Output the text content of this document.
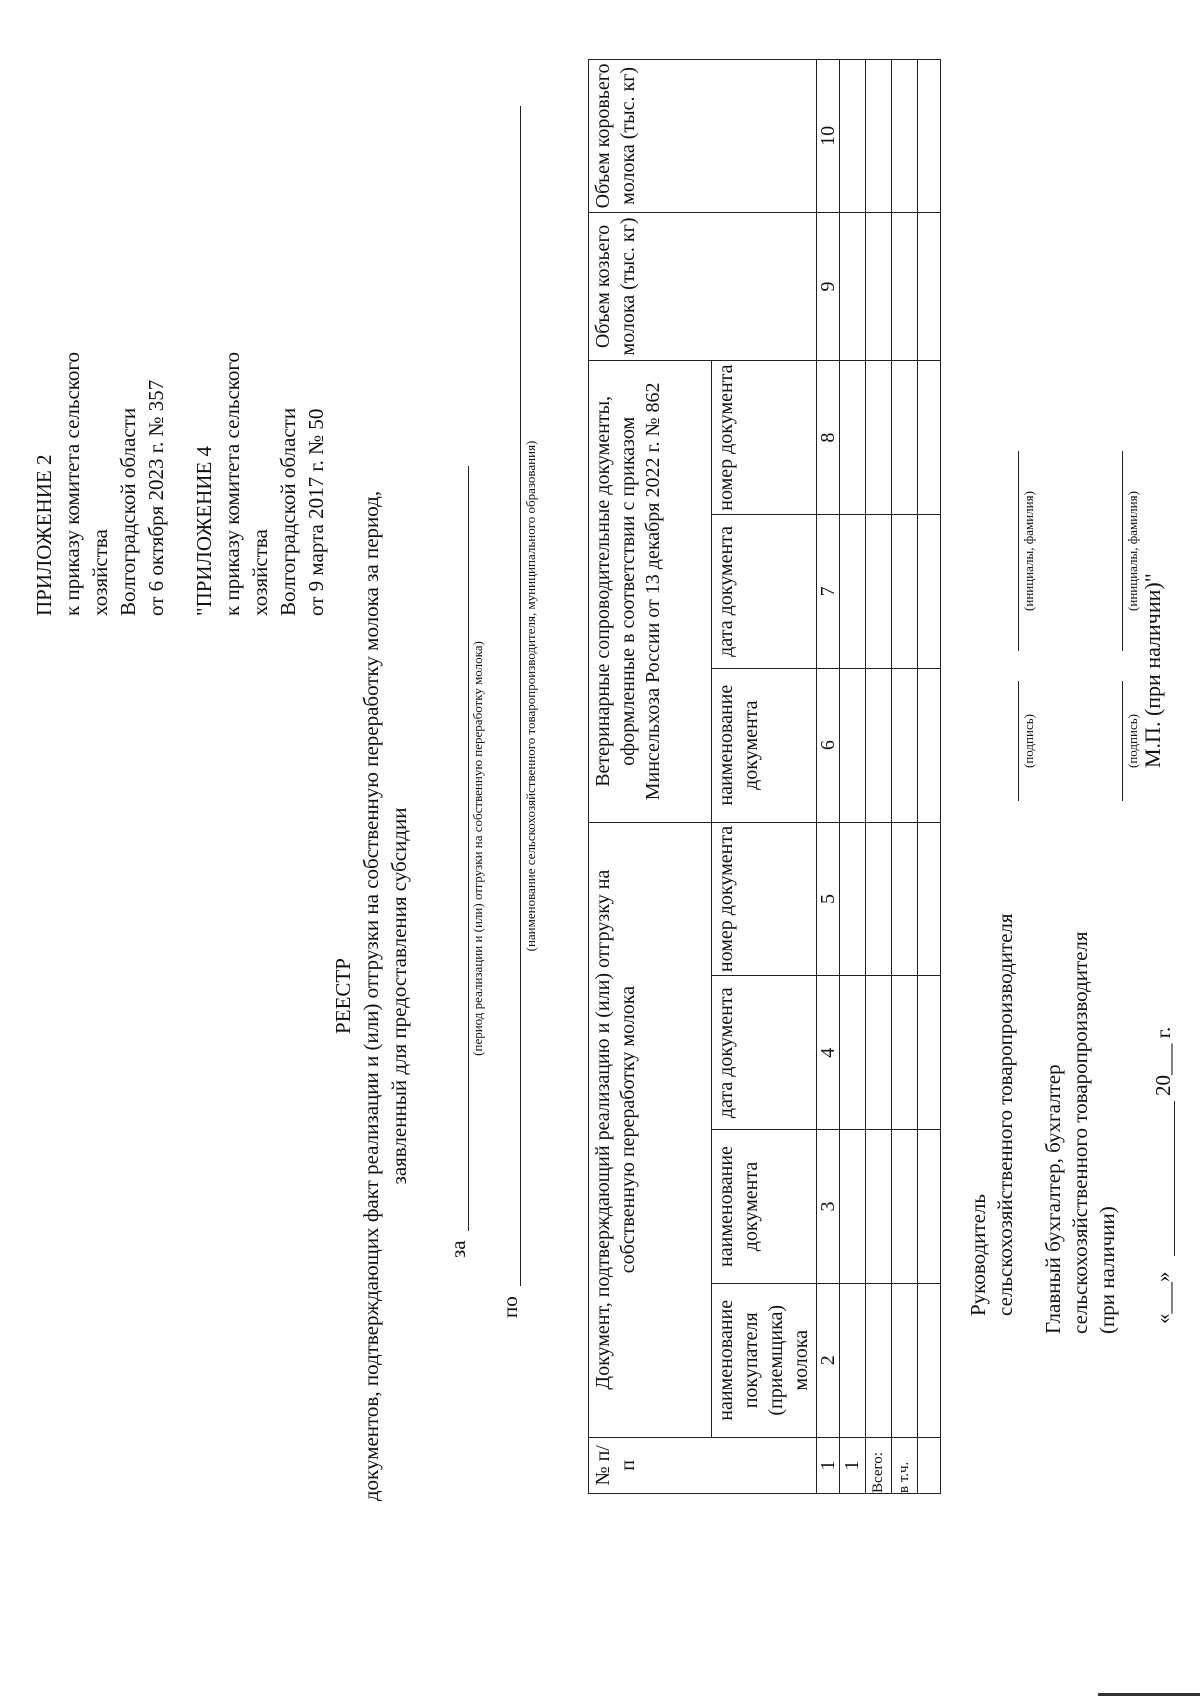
ПРИЛОЖЕНИЕ 2 к приказу комитета сельского хозяйства Волгоградской области от 6 октября 2023 г. № 357 "ПРИЛОЖЕНИЕ 4 к приказу комитета сельского хозяйства Волгоградской области от 9 марта 2017 г. № 50

РЕЕСТР документов, подтверждающих факт реализации и (или) отгрузки на собственную переработку молока за период, заявленный для предоставления субсидии
за
(период реализации и (или) отгрузки на собственную переработку молока)
по
(наименование сельскохозяйственного товаропроизводителя, муниципального образования)
№ п/п	Документ, подтверждающий реализацию и (или) отгрузку на собственную переработку молока				Ветеринарные сопроводительные документы, оформленные в соответствии с приказом Минсельхоза России от 13 декабря 2022 г. № 862			Объем козьего молока (тыс. кг)	Объем коровьего молока (тыс. кг)
	наименование покупателя (приемщика) молока	наименование документа	дата документа	номер документа	наименование документа	дата документа	номер документа		
1	2	3	4	5	6	7	8	9	10
1									
Всего:									
в т.ч.									

Руководитель сельскохозяйственного товаропроизводителя
(подпись)
(инициалы, фамилия)
Главный бухгалтер, бухгалтер сельскохозяйственного товаропроизводителя (при наличии)
(подпись)
(инициалы, фамилия)
«___»
20___ г.
М.П. (при наличии)"
